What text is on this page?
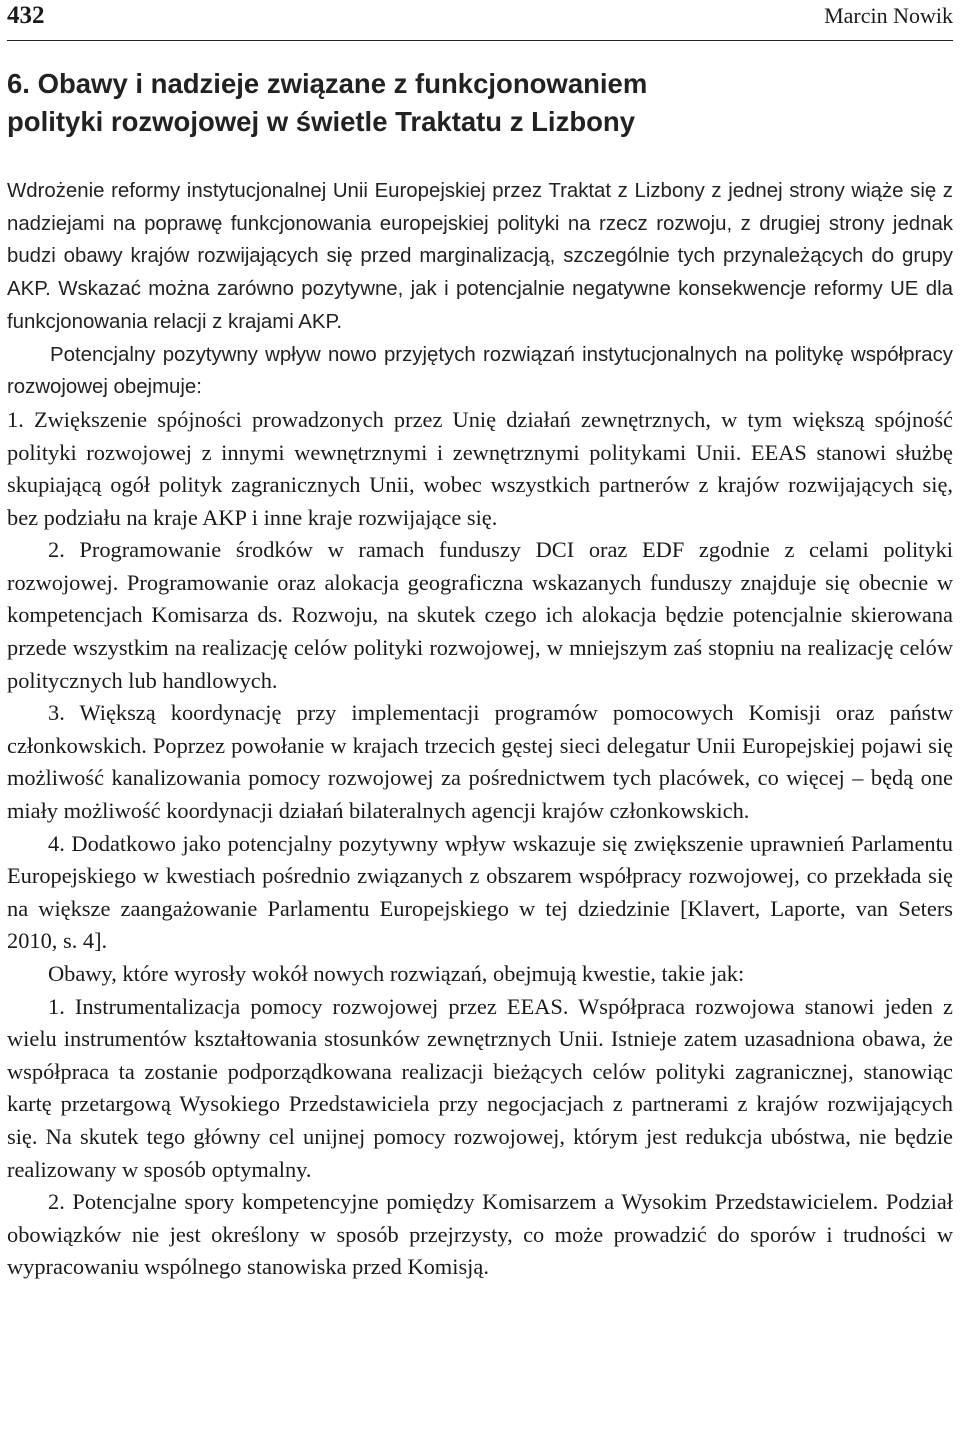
432	Marcin Nowik
6. Obawy i nadzieje związane z funkcjonowaniem
polityki rozwojowej w świetle Traktatu z Lizbony

Wdrożenie reformy instytucjonalnej Unii Europejskiej przez Traktat z Lizbony z jednej strony wiąże się z nadziejami na poprawę funkcjonowania europejskiej polityki na rzecz rozwoju, z drugiej strony jednak budzi obawy krajów rozwijających się przed marginalizacją, szczególnie tych przynależących do grupy AKP. Wskazać można zarówno pozytywne, jak i potencjalnie negatywne konsekwencje reformy UE dla funkcjonowania relacji z krajami AKP.

Potencjalny pozytywny wpływ nowo przyjętych rozwiązań instytucjonalnych na politykę współpracy rozwojowej obejmuje:

1. Zwiększenie spójności prowadzonych przez Unię działań zewnętrznych, w tym większą spójność polityki rozwojowej z innymi wewnętrznymi i zewnętrznymi politykami Unii. EEAS stanowi służbę skupiającą ogół polityk zagranicznych Unii, wobec wszystkich partnerów z krajów rozwijających się, bez podziału na kraje AKP i inne kraje rozwijające się.

2. Programowanie środków w ramach funduszy DCI oraz EDF zgodnie z celami polityki rozwojowej. Programowanie oraz alokacja geograficzna wskazanych funduszy znajduje się obecnie w kompetencjach Komisarza ds. Rozwoju, na skutek czego ich alokacja będzie potencjalnie skierowana przede wszystkim na realizację celów polityki rozwojowej, w mniejszym zaś stopniu na realizację celów politycznych lub handlowych.

3. Większą koordynację przy implementacji programów pomocowych Komisji oraz państw członkowskich. Poprzez powołanie w krajach trzecich gęstej sieci delegatur Unii Europejskiej pojawi się możliwość kanalizowania pomocy rozwojowej za pośrednictwem tych placówek, co więcej – będą one miały możliwość koordynacji działań bilateralnych agencji krajów członkowskich.

4. Dodatkowo jako potencjalny pozytywny wpływ wskazuje się zwiększenie uprawnień Parlamentu Europejskiego w kwestiach pośrednio związanych z obszarem współpracy rozwojowej, co przekłada się na większe zaangażowanie Parlamentu Europejskiego w tej dziedzinie [Klavert, Laporte, van Seters 2010, s. 4].

Obawy, które wyrosły wokół nowych rozwiązań, obejmują kwestie, takie jak:

1. Instrumentalizacja pomocy rozwojowej przez EEAS. Współpraca rozwojowa stanowi jeden z wielu instrumentów kształtowania stosunków zewnętrznych Unii. Istnieje zatem uzasadniona obawa, że współpraca ta zostanie podporządkowana realizacji bieżących celów polityki zagranicznej, stanowiąc kartę przetargową Wysokiego Przedstawiciela przy negocjacjach z partnerami z krajów rozwijających się. Na skutek tego główny cel unijnej pomocy rozwojowej, którym jest redukcja ubóstwa, nie będzie realizowany w sposób optymalny.

2. Potencjalne spory kompetencyjne pomiędzy Komisarzem a Wysokim Przedstawicielem. Podział obowiązków nie jest określony w sposób przejrzysty, co może prowadzić do sporów i trudności w wypracowaniu wspólnego stanowiska przed Komisją.
